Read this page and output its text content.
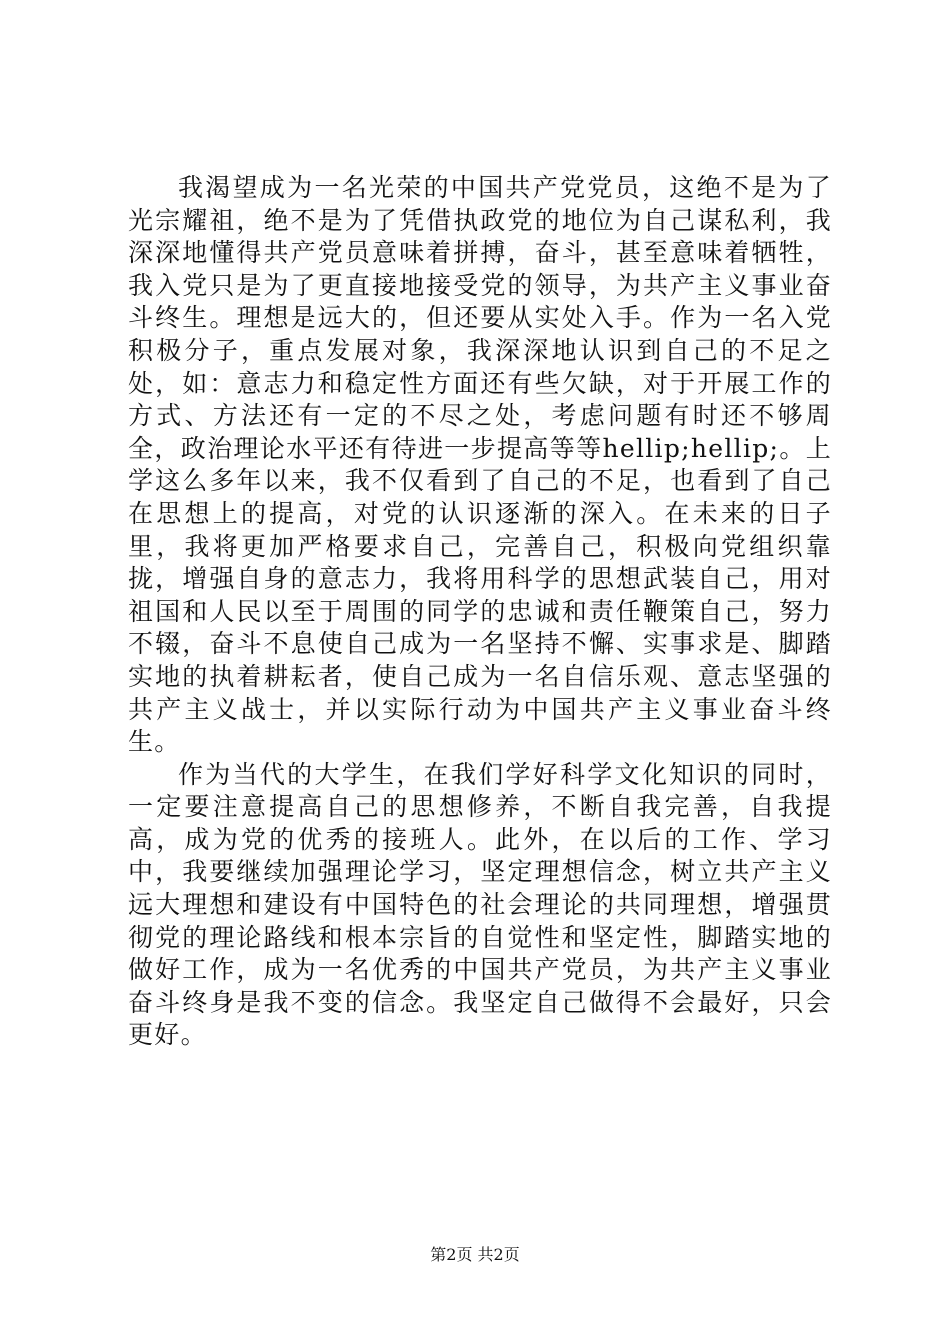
我渴望成为一名光荣的中国共产党党员，这绝不是为了光宗耀祖，绝不是为了凭借执政党的地位为自己谋私利，我深深地懂得共产党员意味着拼搏，奋斗，甚至意味着牺牲，我入党只是为了更直接地接受党的领导，为共产主义事业奋斗终生。理想是远大的，但还要从实处入手。作为一名入党积极分子，重点发展对象，我深深地认识到自己的不足之处，如：意志力和稳定性方面还有些欠缺，对于开展工作的方式、方法还有一定的不尽之处，考虑问题有时还不够周全，政治理论水平还有待进一步提高等等hellip;hellip;。上学这么多年以来，我不仅看到了自己的不足，也看到了自己在思想上的提高，对党的认识逐渐的深入。在未来的日子里，我将更加严格要求自己，完善自己，积极向党组织靠拢，增强自身的意志力，我将用科学的思想武装自己，用对祖国和人民以至于周围的同学的忠诚和责任鞭策自己，努力不辍，奋斗不息使自己成为一名坚持不懈、实事求是、脚踏实地的执着耕耘者，使自己成为一名自信乐观、意志坚强的共产主义战士，并以实际行动为中国共产主义事业奋斗终生。

作为当代的大学生，在我们学好科学文化知识的同时，一定要注意提高自己的思想修养，不断自我完善，自我提高，成为党的优秀的接班人。此外，在以后的工作、学习中，我要继续加强理论学习，坚定理想信念，树立共产主义远大理想和建设有中国特色的社会理论的共同理想，增强贯彻党的理论路线和根本宗旨的自觉性和坚定性，脚踏实地的做好工作，成为一名优秀的中国共产党员，为共产主义事业奋斗终身是我不变的信念。我坚定自己做得不会最好，只会更好。

第2页 共2页
